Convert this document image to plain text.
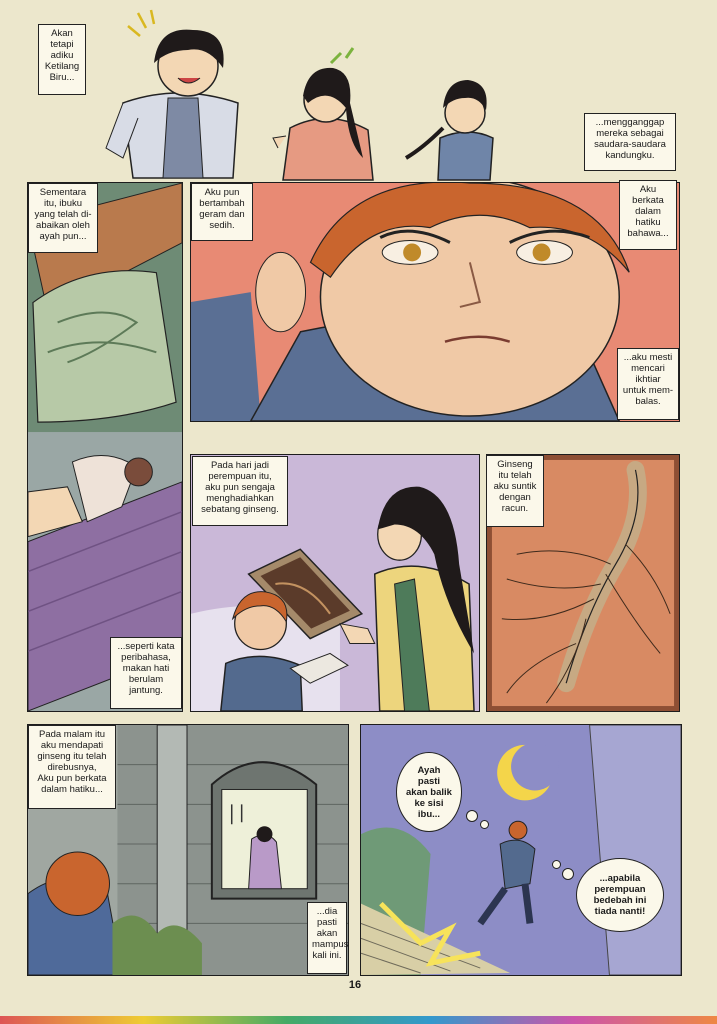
Akan
tetapi
adiku
Ketilang
Biru...
...mengganggap
mereka sebagai
saudara-saudara
kandungku.
Sementara
itu, ibuku
yang telah di-
abaikan oleh
ayah pun...
...seperti kata
peribahasa,
makan hati
berulam
jantung.
Aku pun
bertambah
geram dan
sedih.
Aku
berkata
dalam
hatiku
bahawa...
...aku mesti
mencari
ikhtiar
untuk mem-
balas.
Pada hari jadi
perempuan itu,
aku pun sengaja
menghadiahkan
sebatang ginseng.
Ginseng
itu telah
aku suntik
dengan
racun.
Pada malam itu
aku mendapati
ginseng itu telah
direbusnya,
Aku pun berkata
dalam hatiku...
...dia
pasti
akan
mampus
kali ini.
Ayah
pasti
akan balik
ke sisi
ibu...
...apabila
perempuan
bedebah ini
tiada nanti!
16
